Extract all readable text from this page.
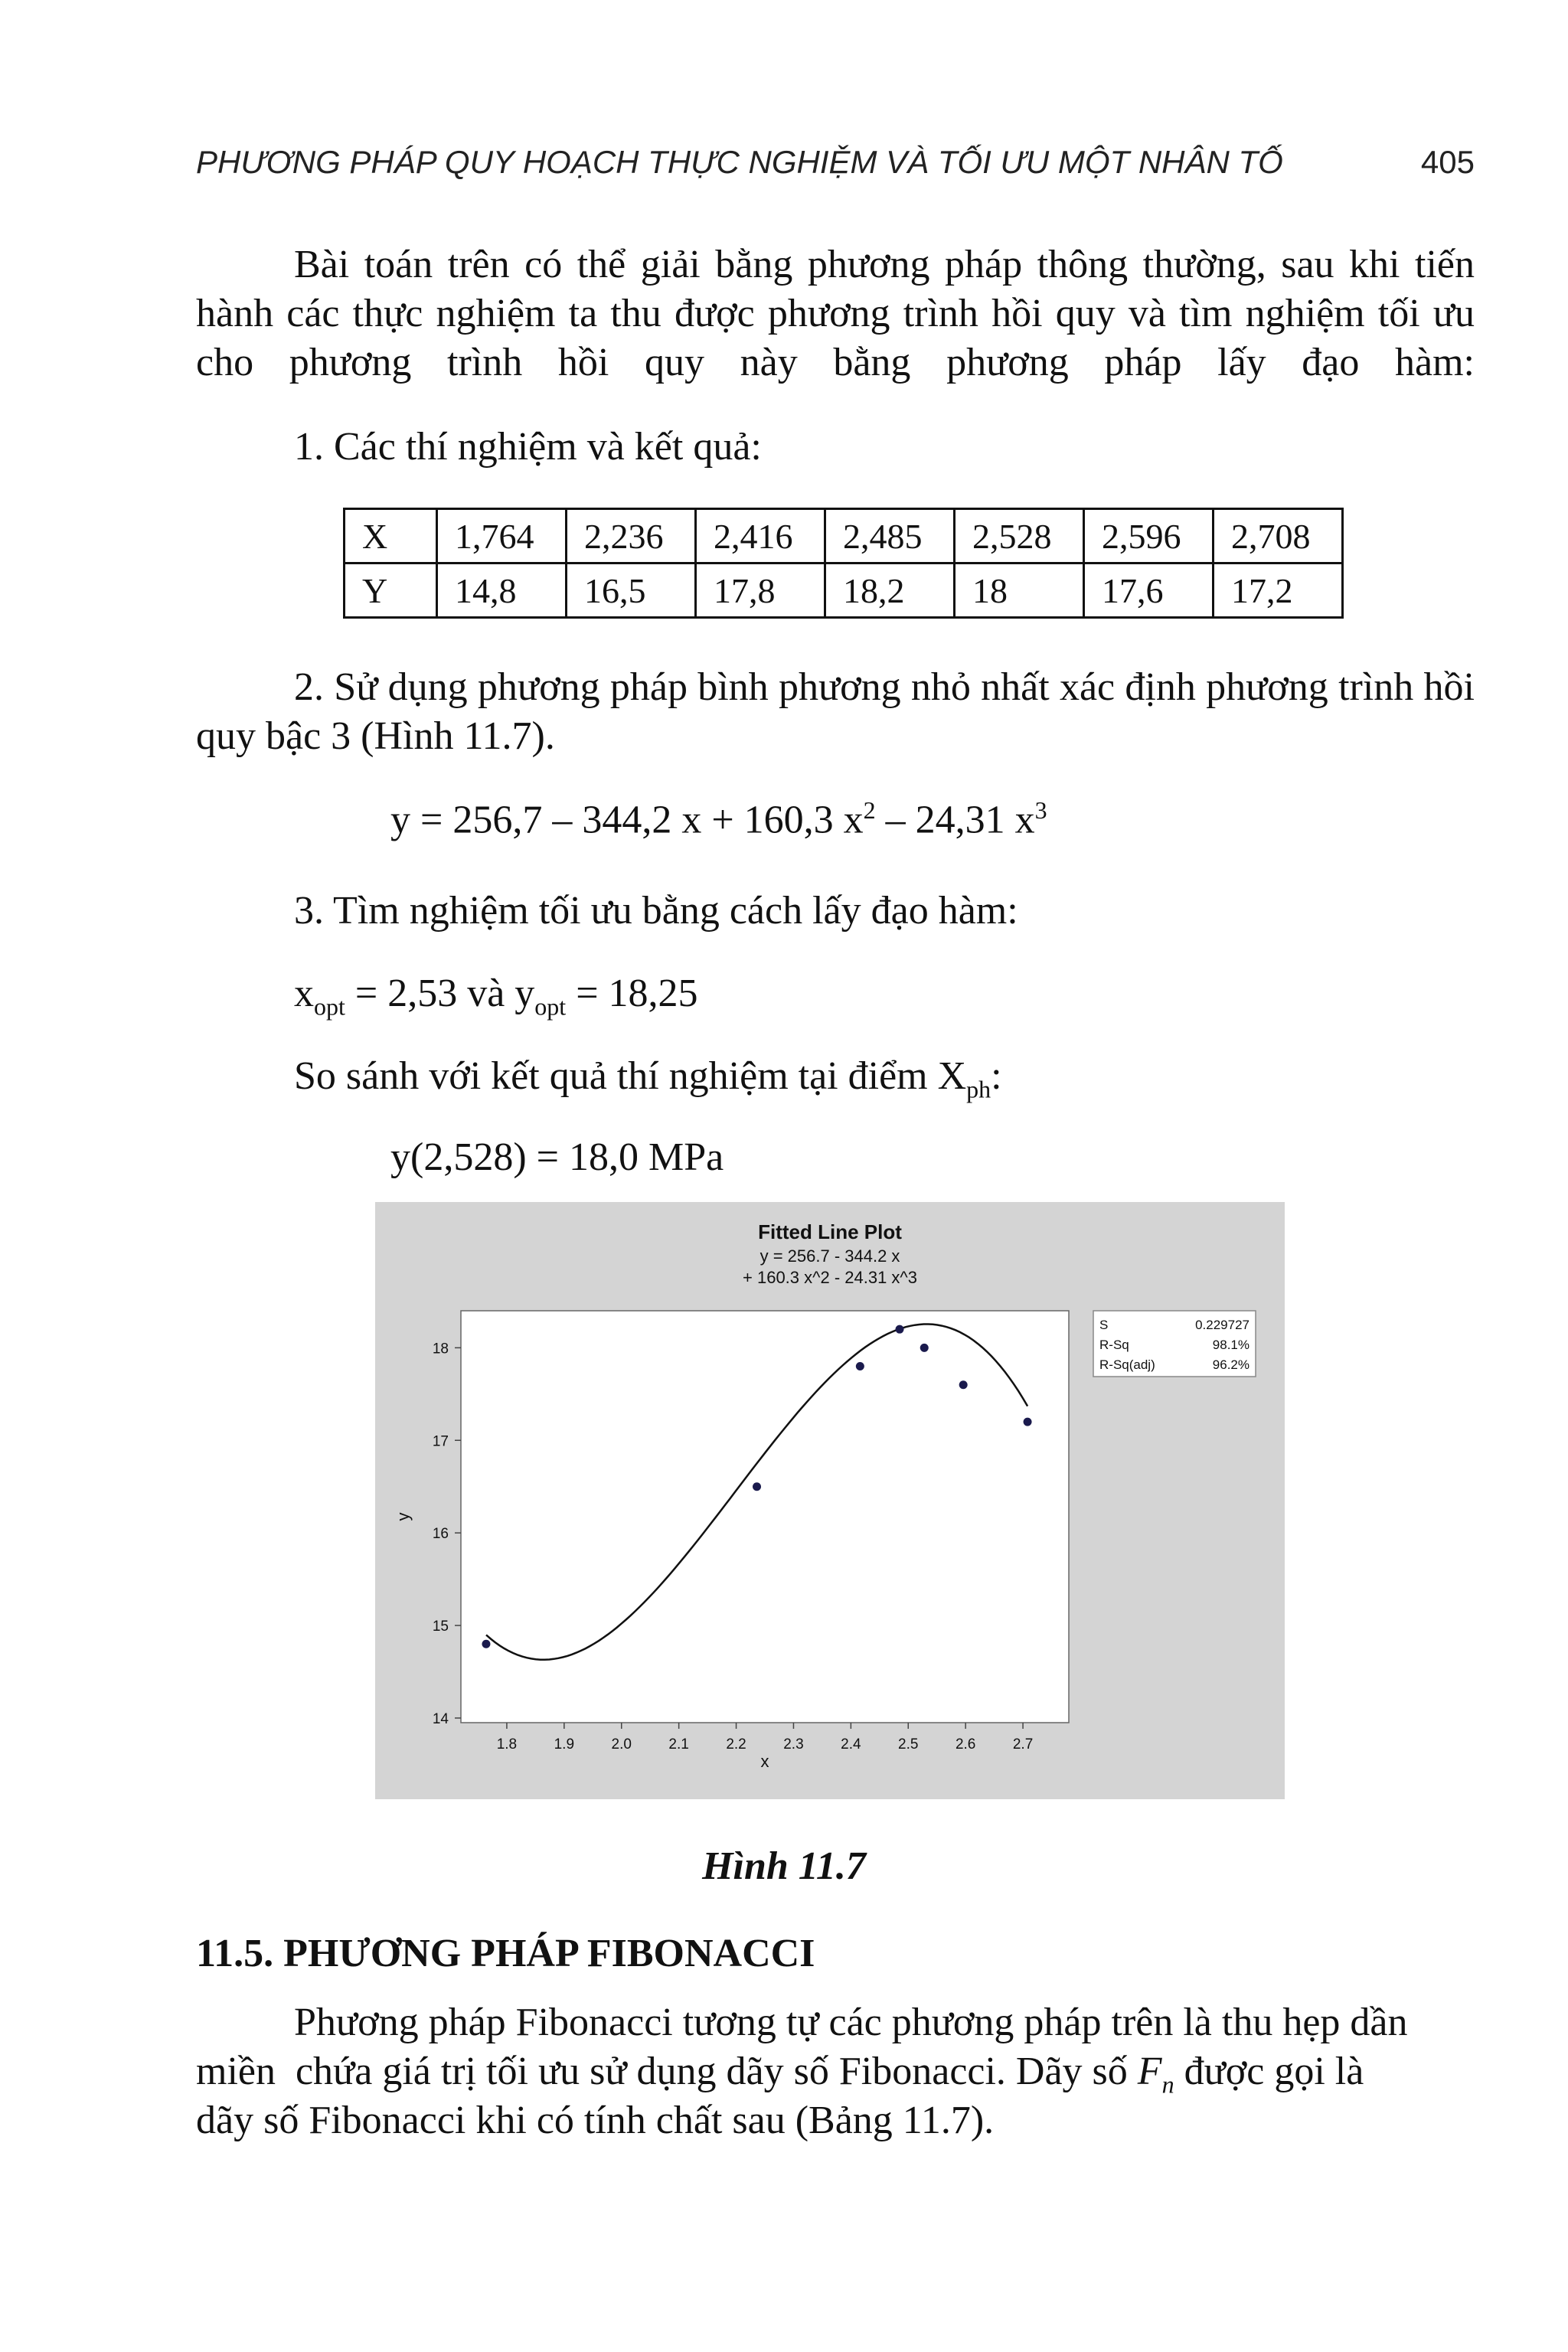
PHƯƠNG PHÁP QUY HOẠCH THỰC NGHIỆM VÀ TỐI ƯU MỘT NHÂN TỐ	405
Bài toán trên có thể giải bằng phương pháp thông thường, sau khi tiến hành các thực nghiệm ta thu được phương trình hồi quy và tìm nghiệm tối ưu cho phương trình hồi quy này bằng phương pháp lấy đạo hàm:
1. Các thí nghiệm và kết quả:
X	1,764	2,236	2,416	2,485	2,528	2,596	2,708
Y	14,8	16,5	17,8	18,2	18	17,6	17,2
2. Sử dụng phương pháp bình phương nhỏ nhất xác định phương trình hồi quy bậc 3 (Hình 11.7).
y = 256,7 – 344,2 x + 160,3 $x^2 - 24,31$ $x^3$
3. Tìm nghiệm tối ưu bằng cách lấy đạo hàm:
$x_{opt} = 2,53$ và $y_{opt} = 18,25$
So sánh với kết quả thí nghiệm tại điểm $X_{ph}$:
y(2,528) = 18,0 MPa
Fitted Line Plot
y = 256.7 - 344.2 x
+ 160.3 x^2 - 24.31 x^3
1.8	1.9	2.0	2.1	2.2	2.3	2.4	2.5	2.6	2.7
14
15
16
17
18
x
y
S	0.229727
R-Sq	98.1%
R-Sq(adj)	96.2%
Hình 11.7
11.5. PHƯƠNG PHÁP FIBONACCI
Phương pháp Fibonacci tương tự các phương pháp trên là thu hẹp dần
miền  chứa giá trị tối ưu sử dụng dãy số Fibonacci. Dãy số $F_n$ được gọi là
dãy số Fibonacci khi có tính chất sau (Bảng 11.7).
